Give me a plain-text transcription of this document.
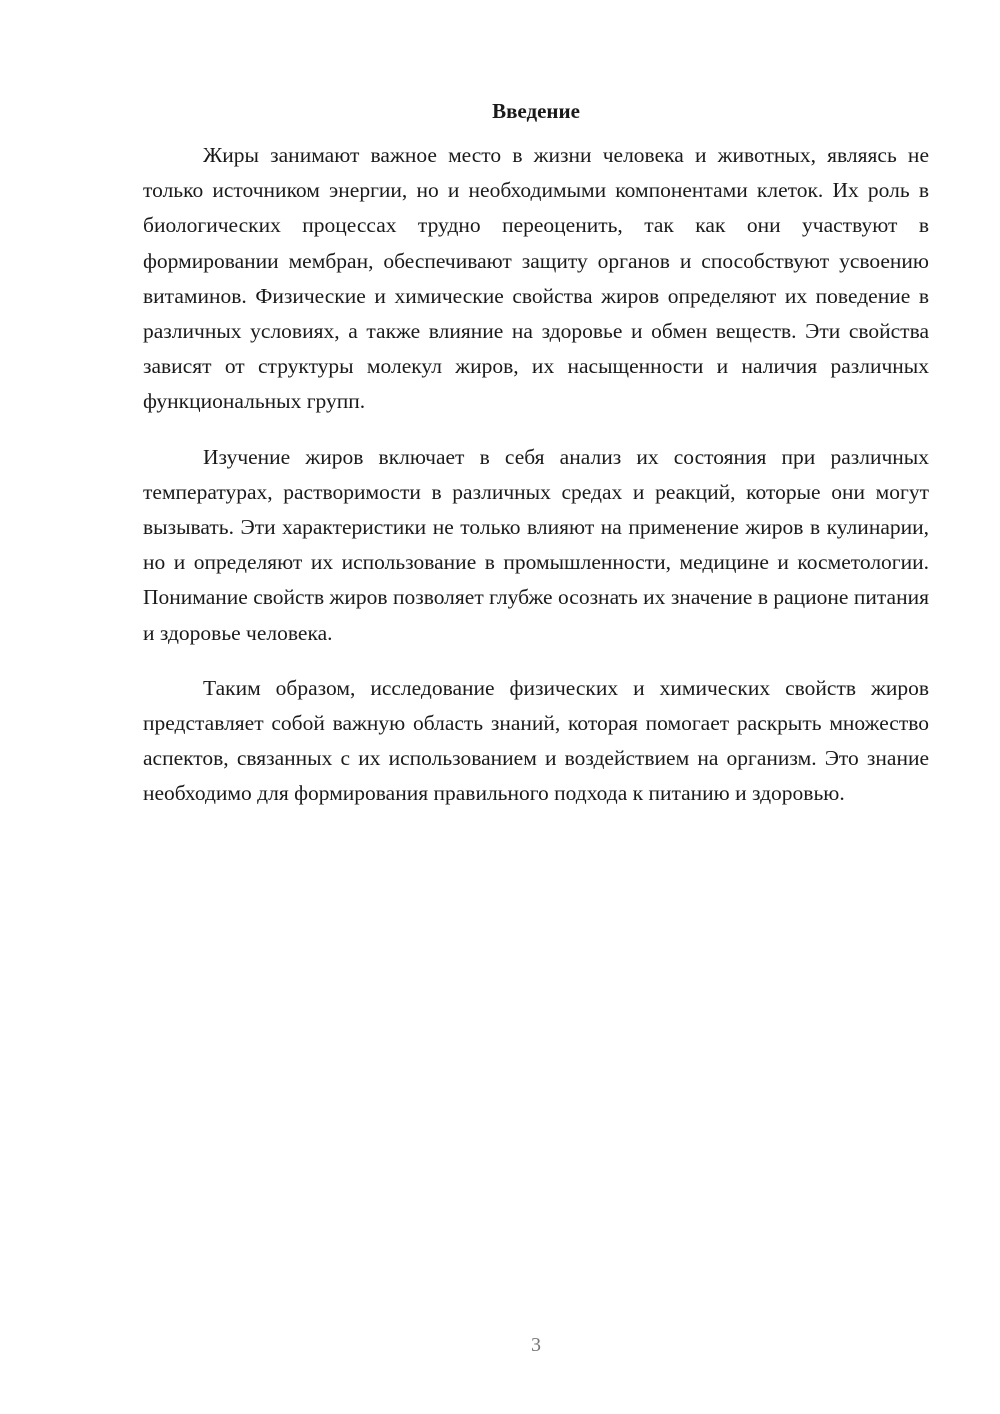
Введение

Жиры занимают важное место в жизни человека и животных, являясь не только источником энергии, но и необходимыми компонентами клеток. Их роль в биологических процессах трудно переоценить, так как они участвуют в формировании мембран, обеспечивают защиту органов и способствуют усвоению витаминов. Физические и химические свойства жиров определяют их поведение в различных условиях, а также влияние на здоровье и обмен веществ. Эти свойства зависят от структуры молекул жиров, их насыщенности и наличия различных функциональных групп.

Изучение жиров включает в себя анализ их состояния при различных температурах, растворимости в различных средах и реакций, которые они могут вызывать. Эти характеристики не только влияют на применение жиров в кулинарии, но и определяют их использование в промышленности, медицине и косметологии. Понимание свойств жиров позволяет глубже осознать их значение в рационе питания и здоровье человека.

Таким образом, исследование физических и химических свойств жиров представляет собой важную область знаний, которая помогает раскрыть множество аспектов, связанных с их использованием и воздействием на организм. Это знание необходимо для формирования правильного подхода к питанию и здоровью.

3
